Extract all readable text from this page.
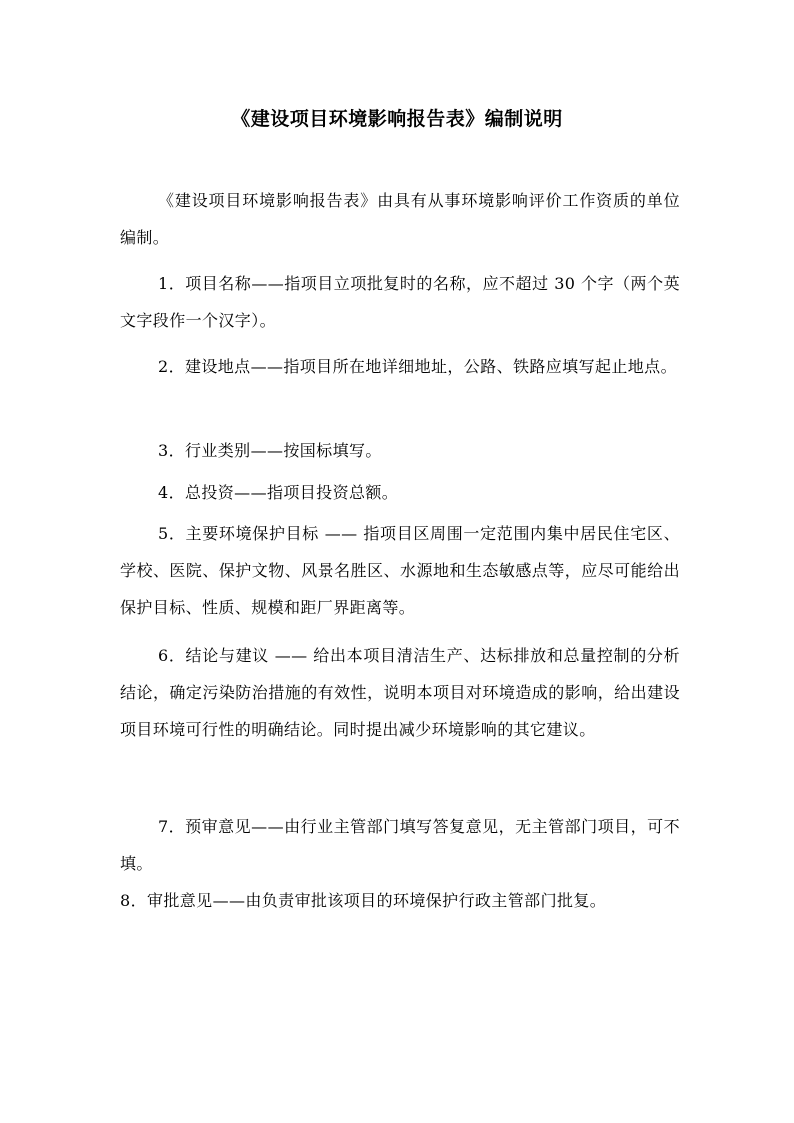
《建设项目环境影响报告表》编制说明
《建设项目环境影响报告表》由具有从事环境影响评价工作资质的单位编制。
1．项目名称——指项目立项批复时的名称，应不超过 30 个字（两个英文字段作一个汉字）。
2．建设地点——指项目所在地详细地址，公路、铁路应填写起止地点。
3．行业类别——按国标填写。
4．总投资——指项目投资总额。
5．主要环境保护目标 —— 指项目区周围一定范围内集中居民住宅区、学校、医院、保护文物、风景名胜区、水源地和生态敏感点等，应尽可能给出保护目标、性质、规模和距厂界距离等。
6．结论与建议 —— 给出本项目清洁生产、达标排放和总量控制的分析结论，确定污染防治措施的有效性，说明本项目对环境造成的影响，给出建设项目环境可行性的明确结论。同时提出减少环境影响的其它建议。
7．预审意见——由行业主管部门填写答复意见，无主管部门项目，可不填。
8．审批意见——由负责审批该项目的环境保护行政主管部门批复。
